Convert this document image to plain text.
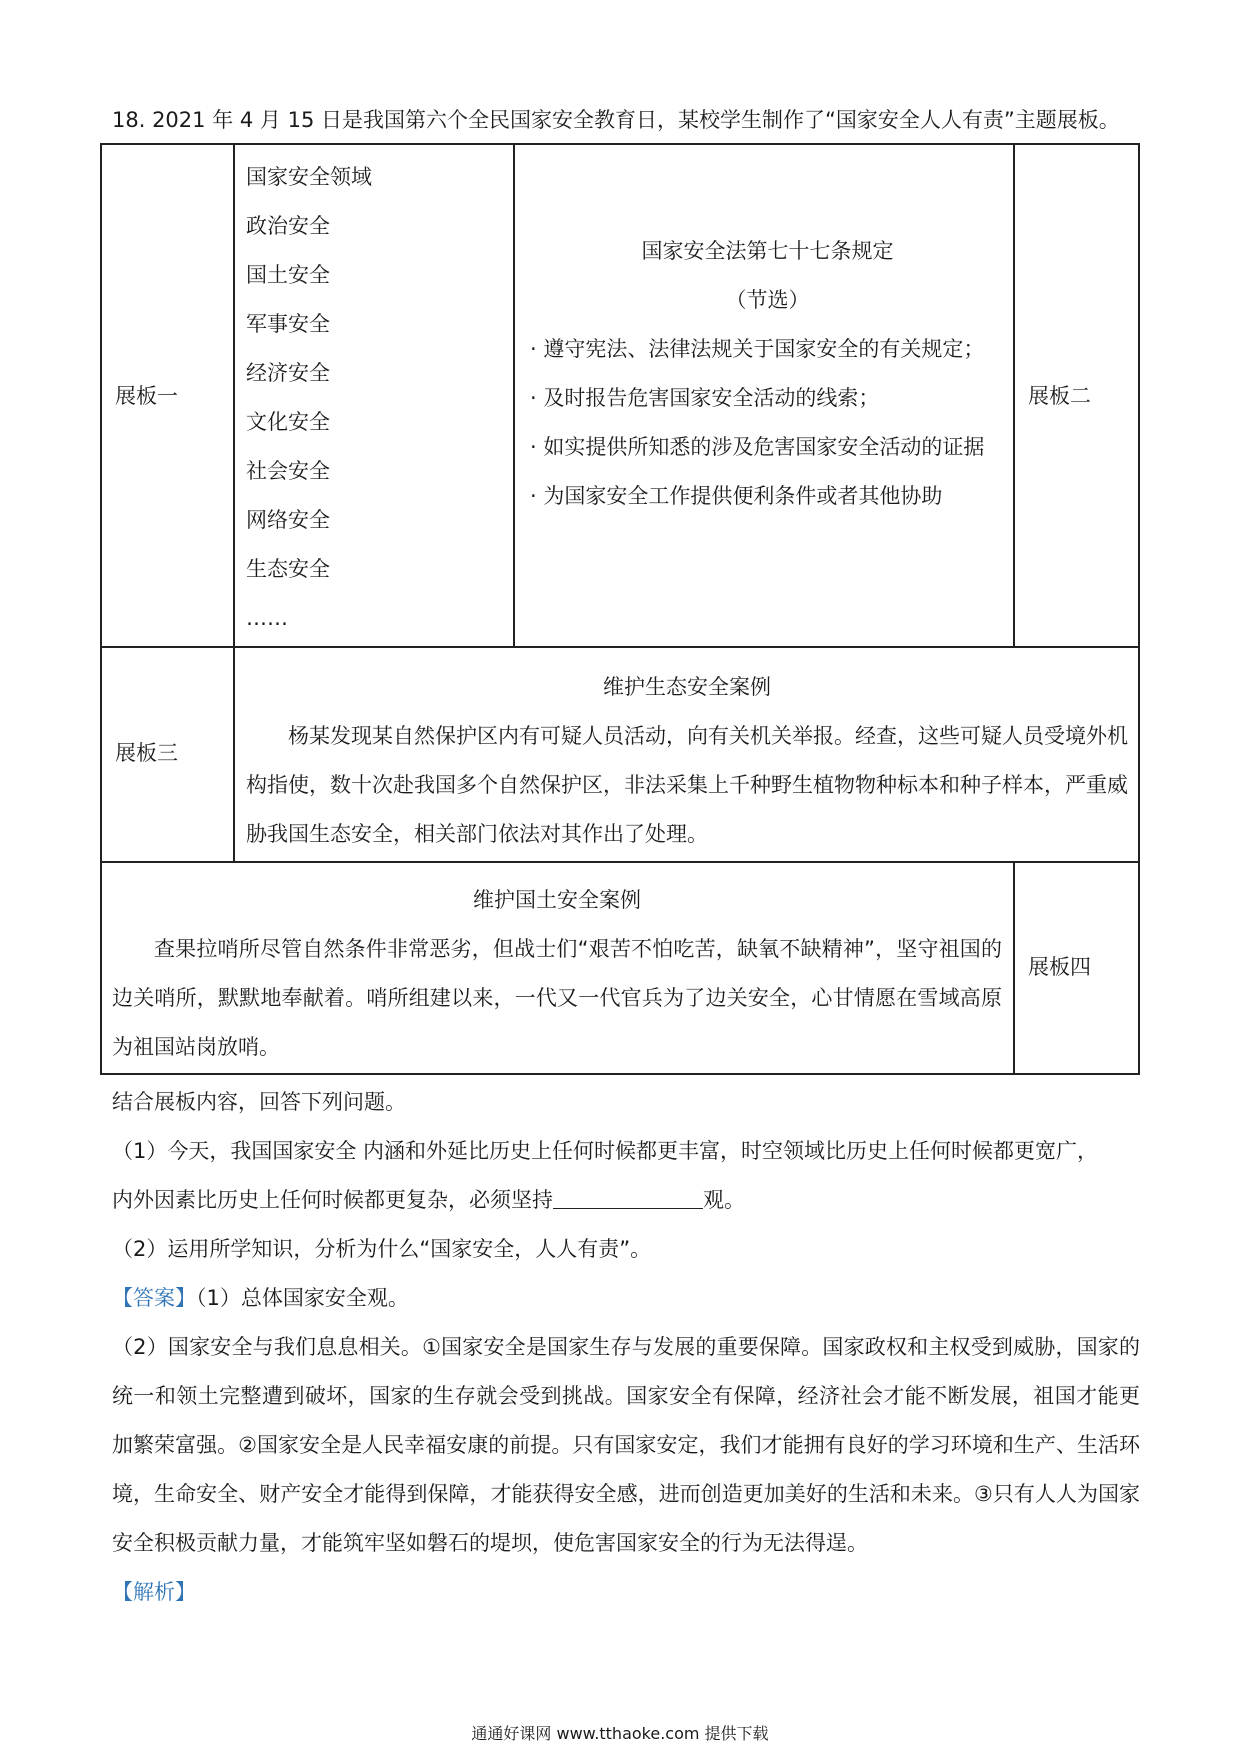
18. 2021 年 4 月 15 日是我国第六个全民国家安全教育日，某校学生制作了“国家安全人人有责”主题展板。

展板一
国家安全领域
政治安全
国土安全
军事安全
经济安全
文化安全
社会安全
网络安全
生态安全
……
国家安全法第七十七条规定
（节选）
· 遵守宪法、法律法规关于国家安全的有关规定；
· 及时报告危害国家安全活动的线索；
· 如实提供所知悉的涉及危害国家安全活动的证据
· 为国家安全工作提供便利条件或者其他协助
展板二
展板三
维护生态安全案例

杨某发现某自然保护区内有可疑人员活动，向有关机关举报。经查，这些可疑人员受境外机构指使，数十次赴我国多个自然保护区，非法采集上千种野生植物物种标本和种子样本，严重威胁我国生态安全，相关部门依法对其作出了处理。

维护国土安全案例

查果拉哨所尽管自然条件非常恶劣，但战士们“艰苦不怕吃苦，缺氧不缺精神”，坚守祖国的边关哨所，默默地奉献着。哨所组建以来，一代又一代官兵为了边关安全，心甘情愿在雪域高原为祖国站岗放哨。

展板四
结合展板内容，回答下列问题。
（1）今天，我国国家安全 内涵和外延比历史上任何时候都更丰富，时空领域比历史上任何时候都更宽广，
内外因素比历史上任何时候都更复杂，必须坚持	观。
（2）运用所学知识，分析为什么“国家安全，人人有责”。
【答案】（1）总体国家安全观。

（2）国家安全与我们息息相关。①国家安全是国家生存与发展的重要保障。国家政权和主权受到威胁，国家的统一和领土完整遭到破坏，国家的生存就会受到挑战。国家安全有保障，经济社会才能不断发展，祖国才能更加繁荣富强。②国家安全是人民幸福安康的前提。只有国家安定，我们才能拥有良好的学习环境和生产、生活环境，生命安全、财产安全才能得到保障，才能获得安全感，进而创造更加美好的生活和未来。③只有人人为国家安全积极贡献力量，才能筑牢坚如磐石的堤坝，使危害国家安全的行为无法得逞。

【解析】
通通好课网 www.tthaoke.com 提供下载
